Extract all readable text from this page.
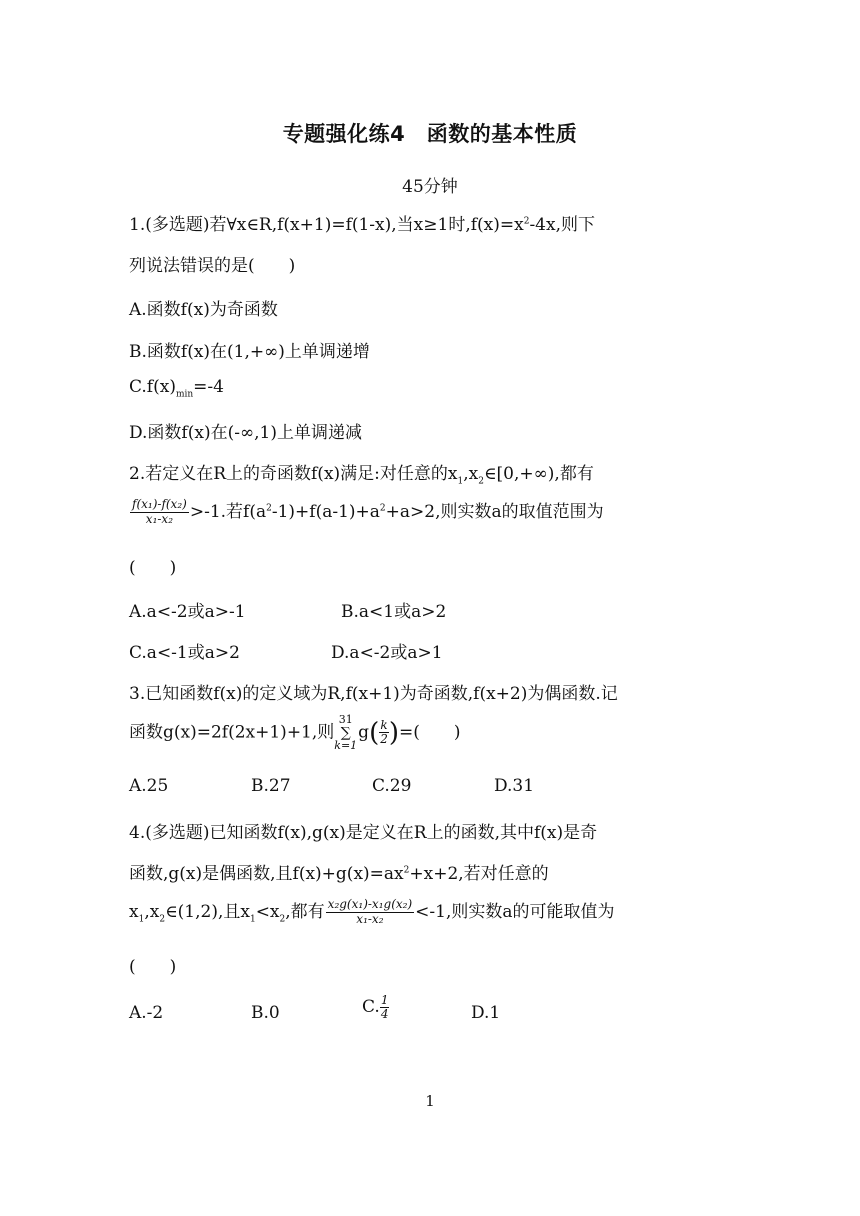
专题强化练4　函数的基本性质
45分钟
1.(多选题)若∀x∈R,f(x+1)=f(1-x),当x≥1时$,f(x)=x^2-4x$,则下
列说法错误的是(　　)
A.函数f(x)为奇函数
B.函数f(x)在(1,+∞)上单调递增
$C.f(x)_{min}=-4$
D.函数f(x)在(-∞,1)上单调递减
2.若定义在R上的奇函数f(x)满足:对任意的$x_1,x_2\in[0,+\infty)$,都有
$\frac{\text{f(x₁)-f(x₂)}}{\text{x₁-x₂}} >-1$.若$f(a^2-1)+f(a-1)+a^2+a>2$,则实数a的取值范围为
(　　)
A.a<-2或a>-1	B.a<1或a>2
C.a<-1或a>2	D.a<-2或a>1
3.已知函数f(x)的定义域为R,f(x+1)为奇函数,f(x+2)为偶函数.记
函数g(x)=2f(2x+1)+1,则
31
∑
k=1
$g( \frac{k}{2}$ )=(　　)
A.25	B.27	C.29	D.31
4.(多选题)已知函数f(x),g(x)是定义在R上的函数,其中f(x)是奇
函数,g(x)是偶函数,且$f(x)+g(x)=ax^2+x+2$,若对任意的
$x_1,x_2\in(1,2)$,且$x_1<x_2$,都有 $\frac{\text{x₂g(x₁)-x₁g(x₂)}}{\text{x₁-x₂}} <-1$,则实数a的可能取值为
(　　)
A.-2	B.0	C. $\frac{1}{4}$	D.1
1
